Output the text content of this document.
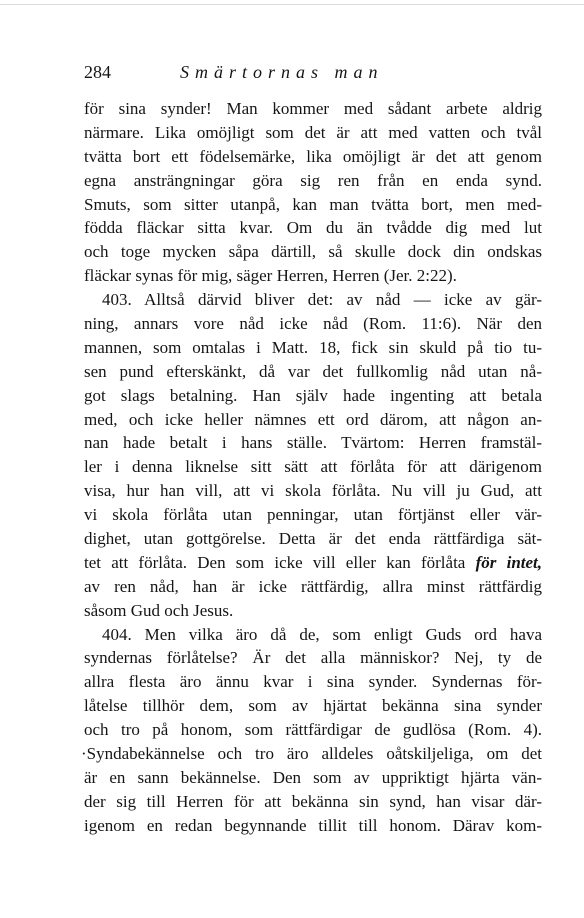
284	Smärtornas man
för sina synder! Man kommer med sådant arbete aldrig
närmare. Lika omöjligt som det är att med vatten och tvål
tvätta bort ett födelsemärke, lika omöjligt är det att genom
egna ansträngningar göra sig ren från en enda synd.
Smuts, som sitter utanpå, kan man tvätta bort, men med-
födda fläckar sitta kvar. Om du än tvådde dig med lut
och toge mycken såpa därtill, så skulle dock din ondskas
fläckar synas för mig, säger Herren, Herren (Jer. 2:22).
403. Alltså därvid bliver det: av nåd — icke av gär-
ning, annars vore nåd icke nåd (Rom. 11:6). När den
mannen, som omtalas i Matt. 18, fick sin skuld på tio tu-
sen pund efterskänkt, då var det fullkomlig nåd utan nå-
got slags betalning. Han själv hade ingenting att betala
med, och icke heller nämnes ett ord därom, att någon an-
nan hade betalt i hans ställe. Tvärtom: Herren framstäl-
ler i denna liknelse sitt sätt att förlåta för att därigenom
visa, hur han vill, att vi skola förlåta. Nu vill ju Gud, att
vi skola förlåta utan penningar, utan förtjänst eller vär-
dighet, utan gottgörelse. Detta är det enda rättfärdiga sät-
tet att förlåta. Den som icke vill eller kan förlåta för intet,
av ren nåd, han är icke rättfärdig, allra minst rättfärdig
såsom Gud och Jesus.
404. Men vilka äro då de, som enligt Guds ord hava
syndernas förlåtelse? Är det alla människor? Nej, ty de
allra flesta äro ännu kvar i sina synder. Syndernas för-
låtelse tillhör dem, som av hjärtat bekänna sina synder
och tro på honom, som rättfärdigar de gudlösa (Rom. 4).
·Syndabekännelse och tro äro alldeles oåtskiljeliga, om det
är en sann bekännelse. Den som av uppriktigt hjärta vän-
der sig till Herren för att bekänna sin synd, han visar där-
igenom en redan begynnande tillit till honom. Därav kom-
